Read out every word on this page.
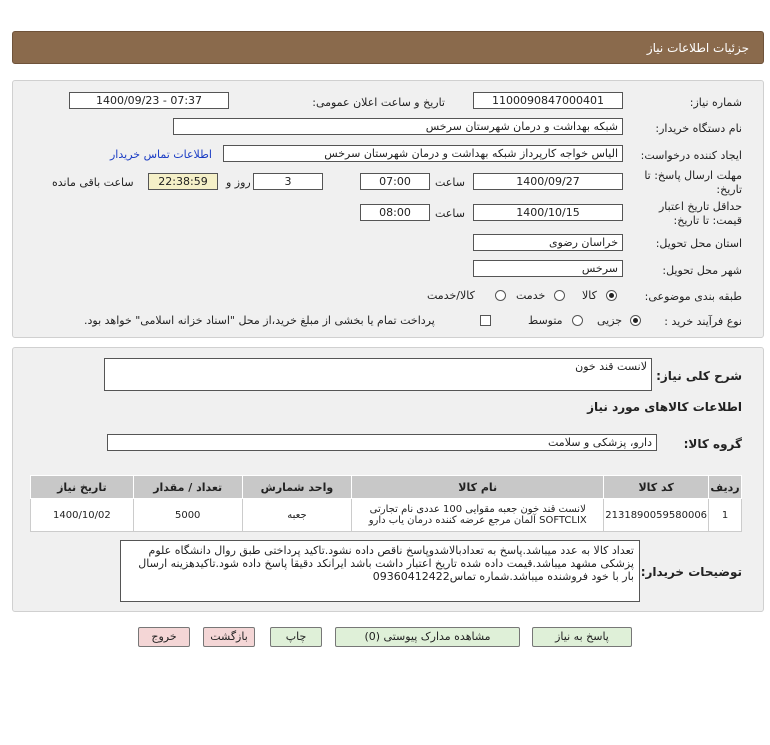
جزئیات اطلاعات نیاز
شماره نیاز:
1100090847000401
تاریخ و ساعت اعلان عمومی:
1400/09/23 - 07:37
نام دستگاه خریدار:
شبکه بهداشت و درمان شهرستان سرخس
ایجاد کننده درخواست:
الیاس خواجه کارپرداز شبکه بهداشت و درمان شهرستان سرخس
اطلاعات تماس خریدار
مهلت ارسال پاسخ: تا
تاریخ:
1400/09/27
ساعت
07:00
3
روز و
22:38:59
ساعت باقی مانده
حداقل تاریخ اعتبار
قیمت: تا تاریخ:
1400/10/15
ساعت
08:00
استان محل تحویل:
خراسان رضوی
شهر محل تحویل:
سرخس
طبقه بندی موضوعی:
کالا
خدمت
کالا/خدمت
نوع فرآیند خرید :
جزیی
متوسط
پرداخت تمام یا بخشی از مبلغ خرید،از محل "اسناد خزانه اسلامی" خواهد بود.
شرح کلی نیاز:
لانست قند خون
اطلاعات کالاهای مورد نیاز
گروه کالا:
دارو، پزشکی و سلامت
ردیف	کد کالا	نام کالا	واحد شمارش	تعداد / مقدار	تاریخ نیاز
1	2131890059580006	لانست قند خون جعبه مقوایی 100 عددی نام تجارتی
SOFTCLIX آلمان مرجع عرضه کننده درمان یاب دارو	جعبه	5000	1400/10/02
توضیحات خریدار:
تعداد کالا به عدد میباشد.پاسخ به تعدادبالاشدوپاسخ ناقص داده نشود.تاکید پرداختی طبق روال دانشگاه علوم پزشکی مشهد میباشد.قیمت داده شده تاریخ اعتبار داشت باشد ایرانکد دقیقا پاسخ داده شود.تاکیدهزینه ارسال بار با خود فروشنده میباشد.شماره تماس09360412422
پاسخ به نیاز
مشاهده مدارک پیوستی (0)
چاپ
بازگشت
خروج
